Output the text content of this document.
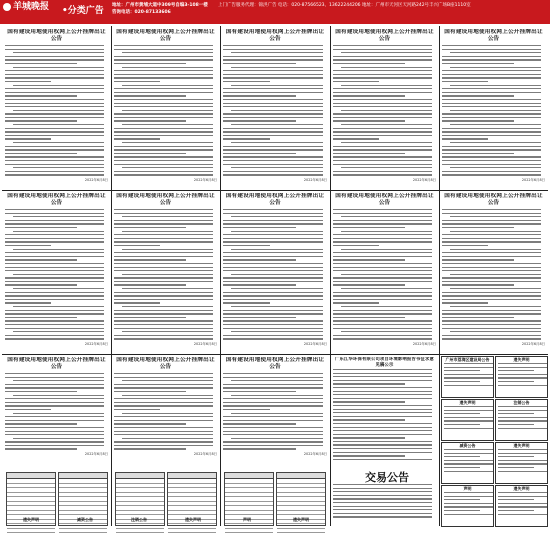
羊城晚报 •分类广告
地址：广州市黄埔大道中309号自编3-108一楼
咨询电话：020-87133606
上门广告服务代理：锦洪广告 电话：020-87566523、13622244206 地址：广州市天河区天河路242号丰兴广场B座1110室
国有建设用地使用权网上公开挂牌出让
公告
2022年6月8日
国有建设用地使用权网上公开挂牌出让
公告
2022年6月8日
国有建设用地使用权网上公开挂牌出让
公告
2022年6月8日
国有建设用地使用权网上公开挂牌出让
公告
2022年6月8日
国有建设用地使用权网上公开挂牌出让
公告
2022年6月8日
国有建设用地使用权网上公开挂牌出让
公告
2022年6月8日
国有建设用地使用权网上公开挂牌出让
公告
2022年6月8日
国有建设用地使用权网上公开挂牌出让
公告
2022年6月8日
国有建设用地使用权网上公开挂牌出让
公告
2022年6月8日
国有建设用地使用权网上公开挂牌出让
公告
2022年6月8日
国有建设用地使用权网上公开挂牌出让
公告
2022年6月8日
国有建设用地使用权网上公开挂牌出让
公告
2022年6月8日
国有建设用地使用权网上公开挂牌出让
公告
2022年6月8日
广东江华环保有限公司项目环境影响报告书征求意见稿公示
交易公告
广州市荔湾区建设局公告	遗失声明
遗失声明	注销公告
减资公告	遗失声明
声明	遗失声明
遗失声明	减资公告	注销公告	遗失声明	声明	遗失声明
